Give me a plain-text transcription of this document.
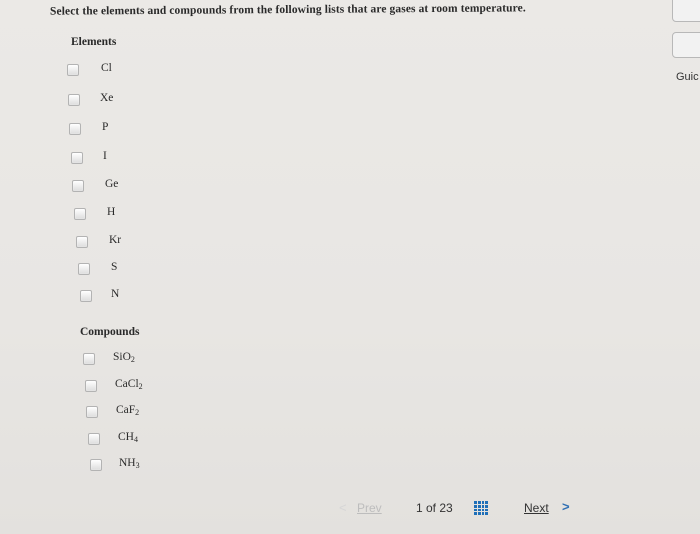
Select the elements and compounds from the following lists that are gases at room temperature.
Elements
Cl
Xe
P
I
Ge
H
Kr
S
N
Compounds
SiO$_2$
CaCl$_2$
CaF$_2$
$CH_4$
$NH_3$
Guic
< Prev	1 of 23	Next >
